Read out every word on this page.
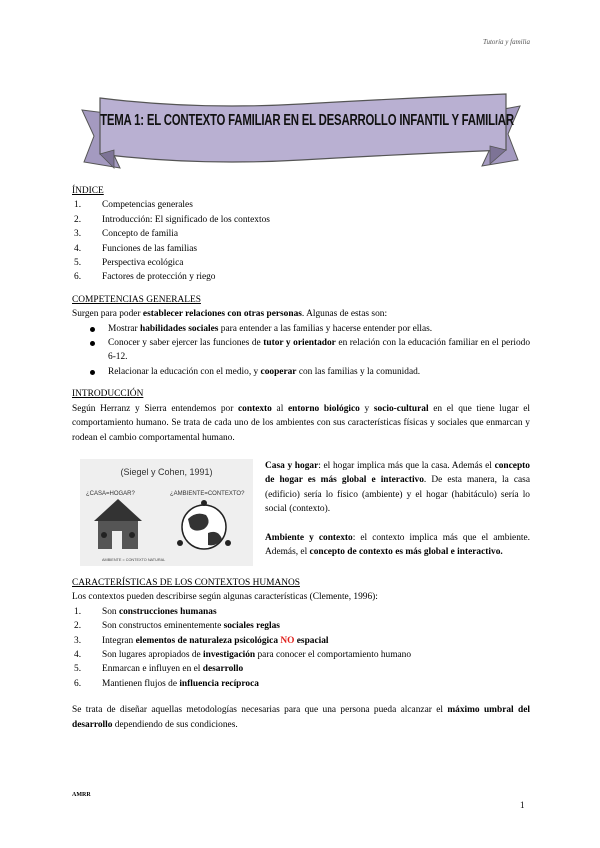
Tutoría y familia
TEMA 1: EL CONTEXTO FAMILIAR EN EL DESARROLLO INFANTIL Y FAMILIAR

ÍNDICE

1.	Competencias generales
2.	Introducción: El significado de los contextos
3.	Concepto de familia
4.	Funciones de las familias
5.	Perspectiva ecológica
6.	Factores de protección y riego

COMPETENCIAS GENERALES

Surgen para poder establecer relaciones con otras personas. Algunas de estas son:

Mostrar habilidades sociales para entender a las familias y hacerse entender por ellas.
Conocer y saber ejercer las funciones de tutor y orientador en relación con la educación familiar en el periodo 6-12.
Relacionar la educación con el medio, y cooperar con las familias y la comunidad.

INTRODUCCIÓN

Según Herranz y Sierra entendemos por contexto al entorno biológico y socio-cultural en el que tiene lugar el comportamiento humano. Se trata de cada uno de los ambientes con sus características físicas y sociales que enmarcan y rodean el cambio comportamental humano.

(Siegel y Cohen, 1991)
¿CASA=HOGAR?	¿AMBIENTE=CONTEXTO?
AMBIENTE = CONTEXTO NATURAL

Casa y hogar: el hogar implica más que la casa. Además el concepto de hogar es más global e interactivo. De esta manera, la casa (edificio) sería lo físico (ambiente) y el hogar (habitáculo) sería lo social (contexto).

Ambiente y contexto: el contexto implica más que el ambiente. Además, el concepto de contexto es más global e interactivo.

CARACTERÍSTICAS DE LOS CONTEXTOS HUMANOS

Los contextos pueden describirse según algunas características (Clemente, 1996):

1.	Son construcciones humanas
2.	Son constructos eminentemente sociales reglas
3.	Integran elementos de naturaleza psicológica NO espacial
4.	Son lugares apropiados de investigación para conocer el comportamiento humano
5.	Enmarcan e influyen en el desarrollo
6.	Mantienen flujos de influencia recíproca

Se trata de diseñar aquellas metodologías necesarias para que una persona pueda alcanzar el máximo umbral del desarrollo dependiendo de sus condiciones.

AMRR
1
